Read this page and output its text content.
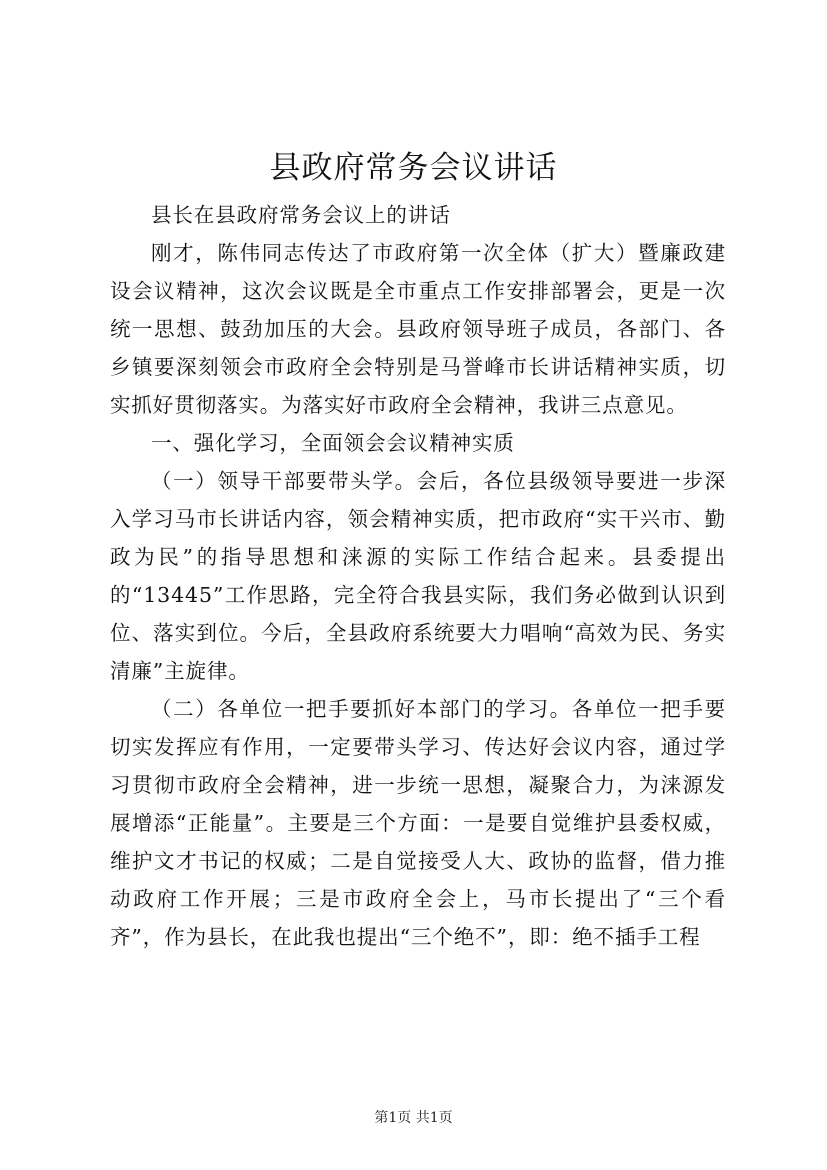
县政府常务会议讲话

县长在县政府常务会议上的讲话

刚才，陈伟同志传达了市政府第一次全体（扩大）暨廉政建设会议精神，这次会议既是全市重点工作安排部署会，更是一次统一思想、鼓劲加压的大会。县政府领导班子成员，各部门、各乡镇要深刻领会市政府全会特别是马誉峰市长讲话精神实质，切实抓好贯彻落实。为落实好市政府全会精神，我讲三点意见。

一、强化学习，全面领会会议精神实质

（一）领导干部要带头学。会后，各位县级领导要进一步深入学习马市长讲话内容，领会精神实质，把市政府“实干兴市、勤政为民”的指导思想和涞源的实际工作结合起来。县委提出的“13445”工作思路，完全符合我县实际，我们务必做到认识到位、落实到位。今后，全县政府系统要大力唱响“高效为民、务实清廉”主旋律。

（二）各单位一把手要抓好本部门的学习。各单位一把手要切实发挥应有作用，一定要带头学习、传达好会议内容，通过学习贯彻市政府全会精神，进一步统一思想，凝聚合力，为涞源发展增添“正能量”。主要是三个方面：一是要自觉维护县委权威，维护文才书记的权威；二是自觉接受人大、政协的监督，借力推动政府工作开展；三是市政府全会上，马市长提出了“三个看齐”，作为县长，在此我也提出“三个绝不”，即：绝不插手工程

第1页 共1页
